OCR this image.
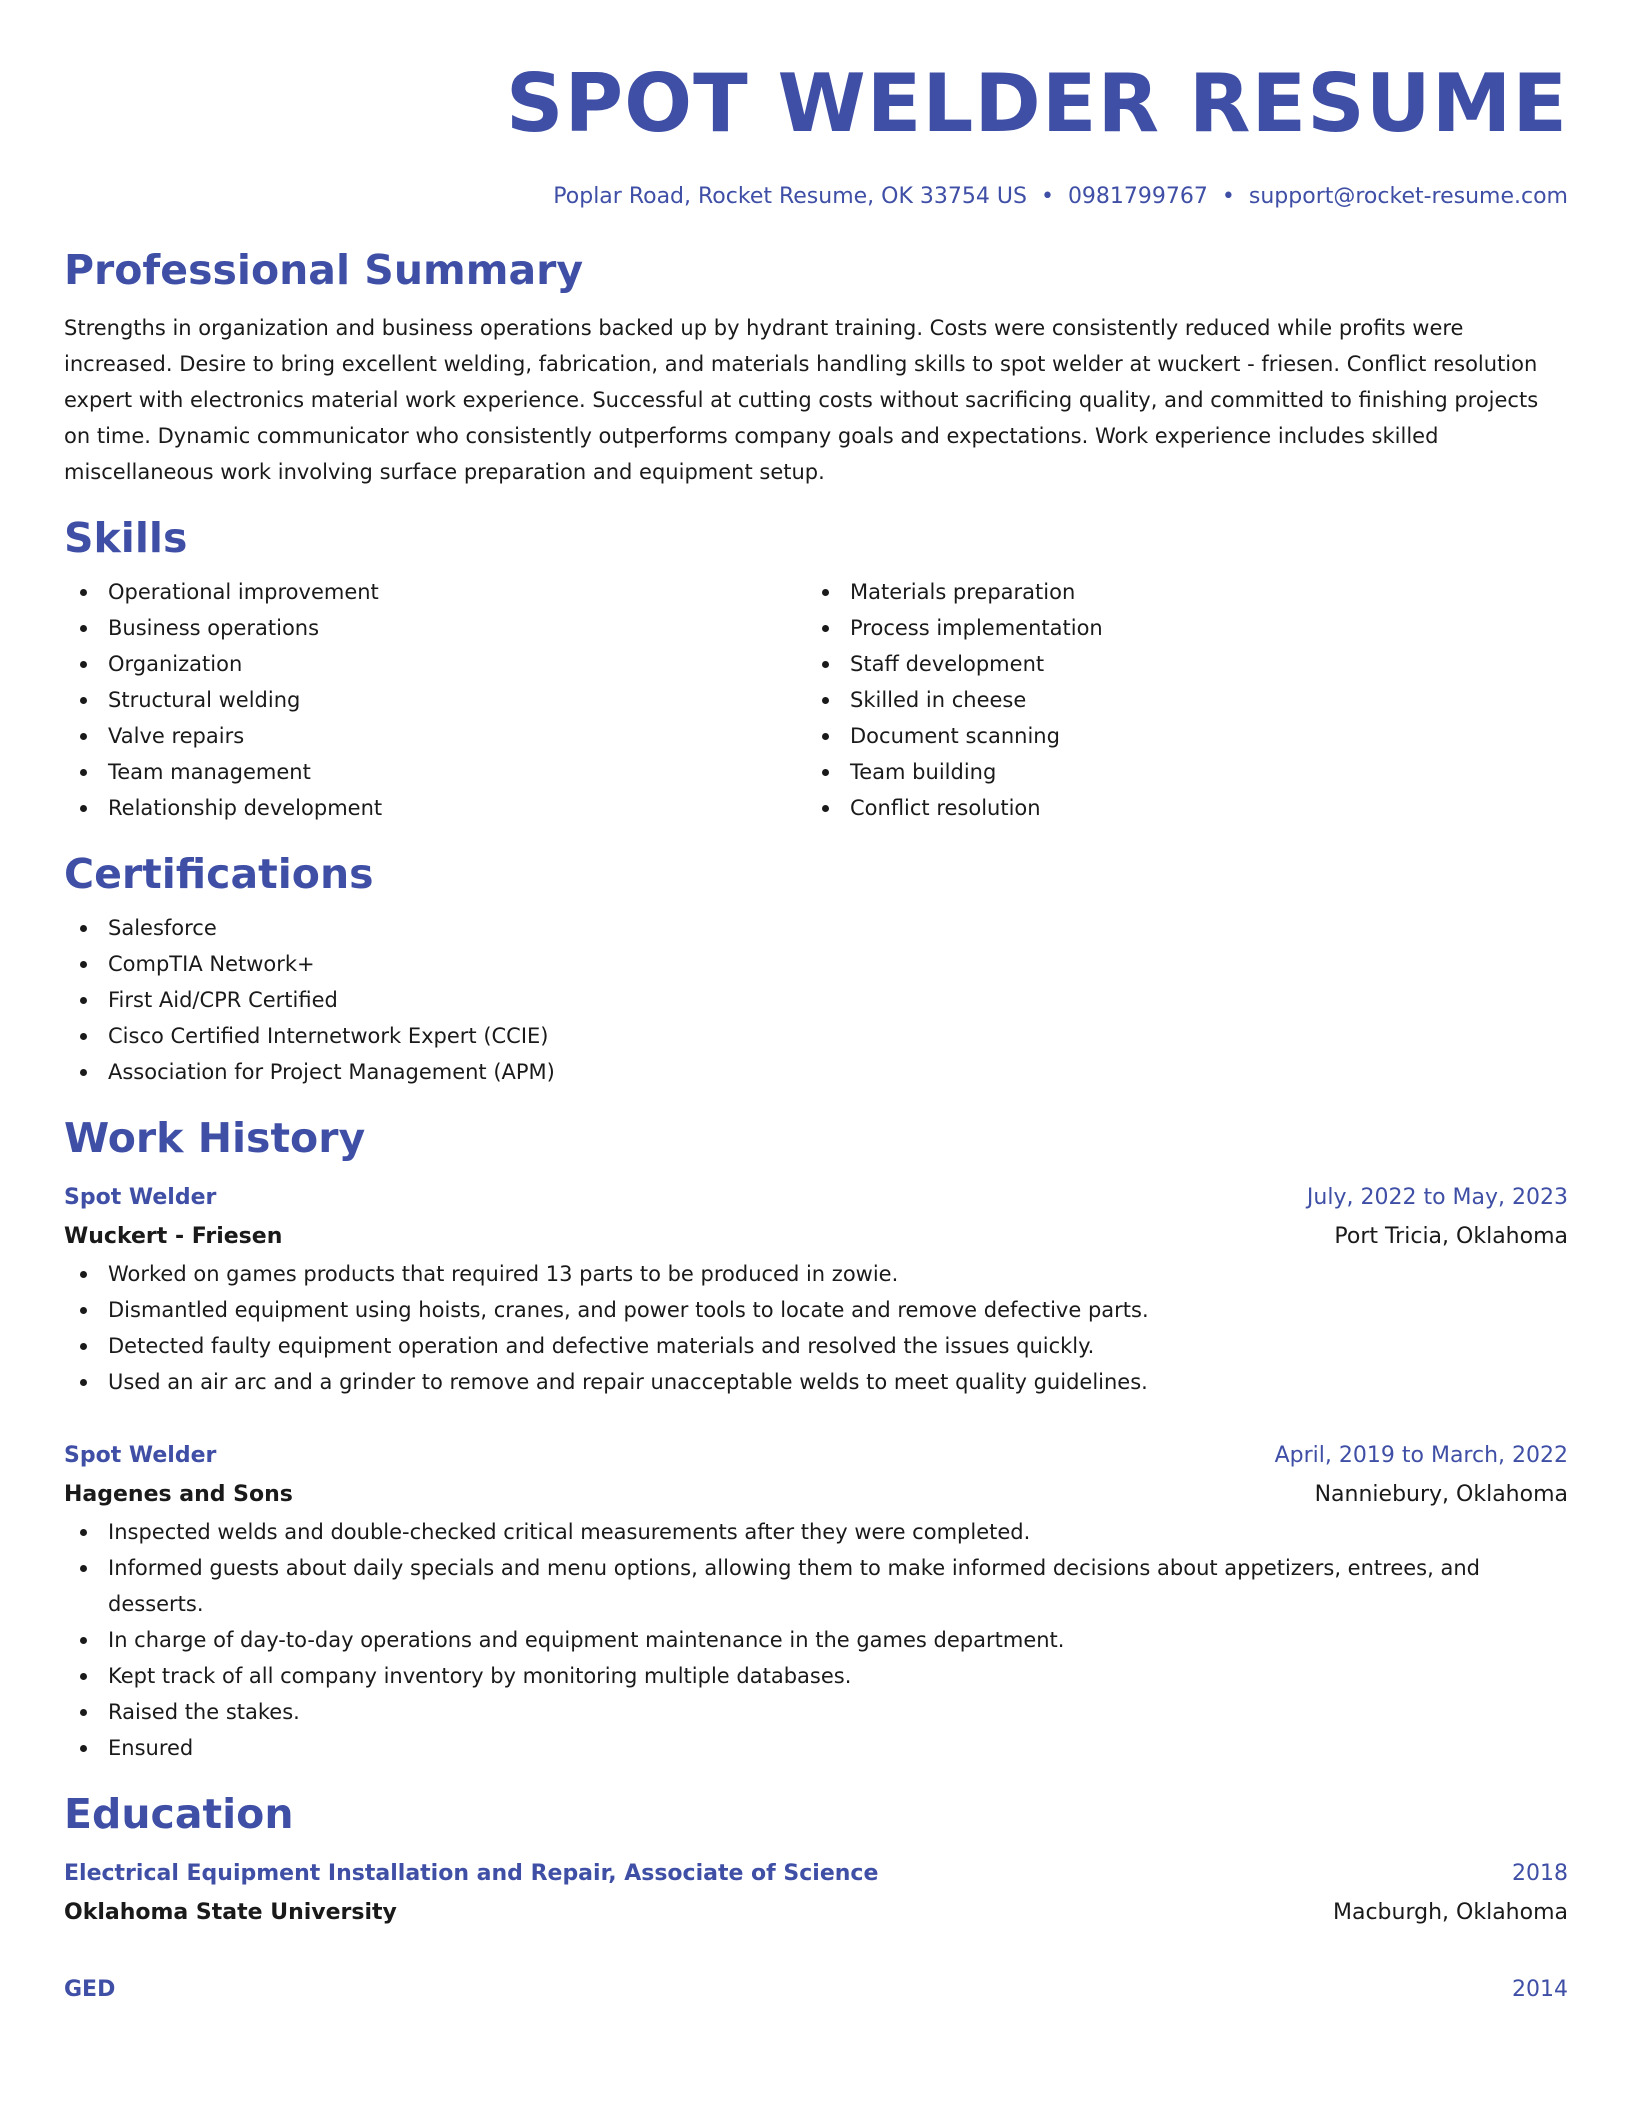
SPOT WELDER RESUME
Poplar Road, Rocket Resume, OK 33754 US • 0981799767 • support@rocket-resume.com
Professional Summary
Strengths in organization and business operations backed up by hydrant training. Costs were consistently reduced while profits were increased. Desire to bring excellent welding, fabrication, and materials handling skills to spot welder at wuckert - friesen. Conflict resolution expert with electronics material work experience. Successful at cutting costs without sacrificing quality, and committed to finishing projects on time. Dynamic communicator who consistently outperforms company goals and expectations. Work experience includes skilled miscellaneous work involving surface preparation and equipment setup.
Skills
Operational improvement
Business operations
Organization
Structural welding
Valve repairs
Team management
Relationship development
Materials preparation
Process implementation
Staff development
Skilled in cheese
Document scanning
Team building
Conflict resolution
Certifications
Salesforce
CompTIA Network+
First Aid/CPR Certified
Cisco Certified Internetwork Expert (CCIE)
Association for Project Management (APM)
Work History
Spot Welder	July, 2022 to May, 2023
Wuckert - Friesen	Port Tricia, Oklahoma
Worked on games products that required 13 parts to be produced in zowie.
Dismantled equipment using hoists, cranes, and power tools to locate and remove defective parts.
Detected faulty equipment operation and defective materials and resolved the issues quickly.
Used an air arc and a grinder to remove and repair unacceptable welds to meet quality guidelines.
Spot Welder	April, 2019 to March, 2022
Hagenes and Sons	Nanniebury, Oklahoma
Inspected welds and double-checked critical measurements after they were completed.
Informed guests about daily specials and menu options, allowing them to make informed decisions about appetizers, entrees, and desserts.
In charge of day-to-day operations and equipment maintenance in the games department.
Kept track of all company inventory by monitoring multiple databases.
Raised the stakes.
Ensured
Education
Electrical Equipment Installation and Repair, Associate of Science	2018
Oklahoma State University	Macburgh, Oklahoma
GED	2014
